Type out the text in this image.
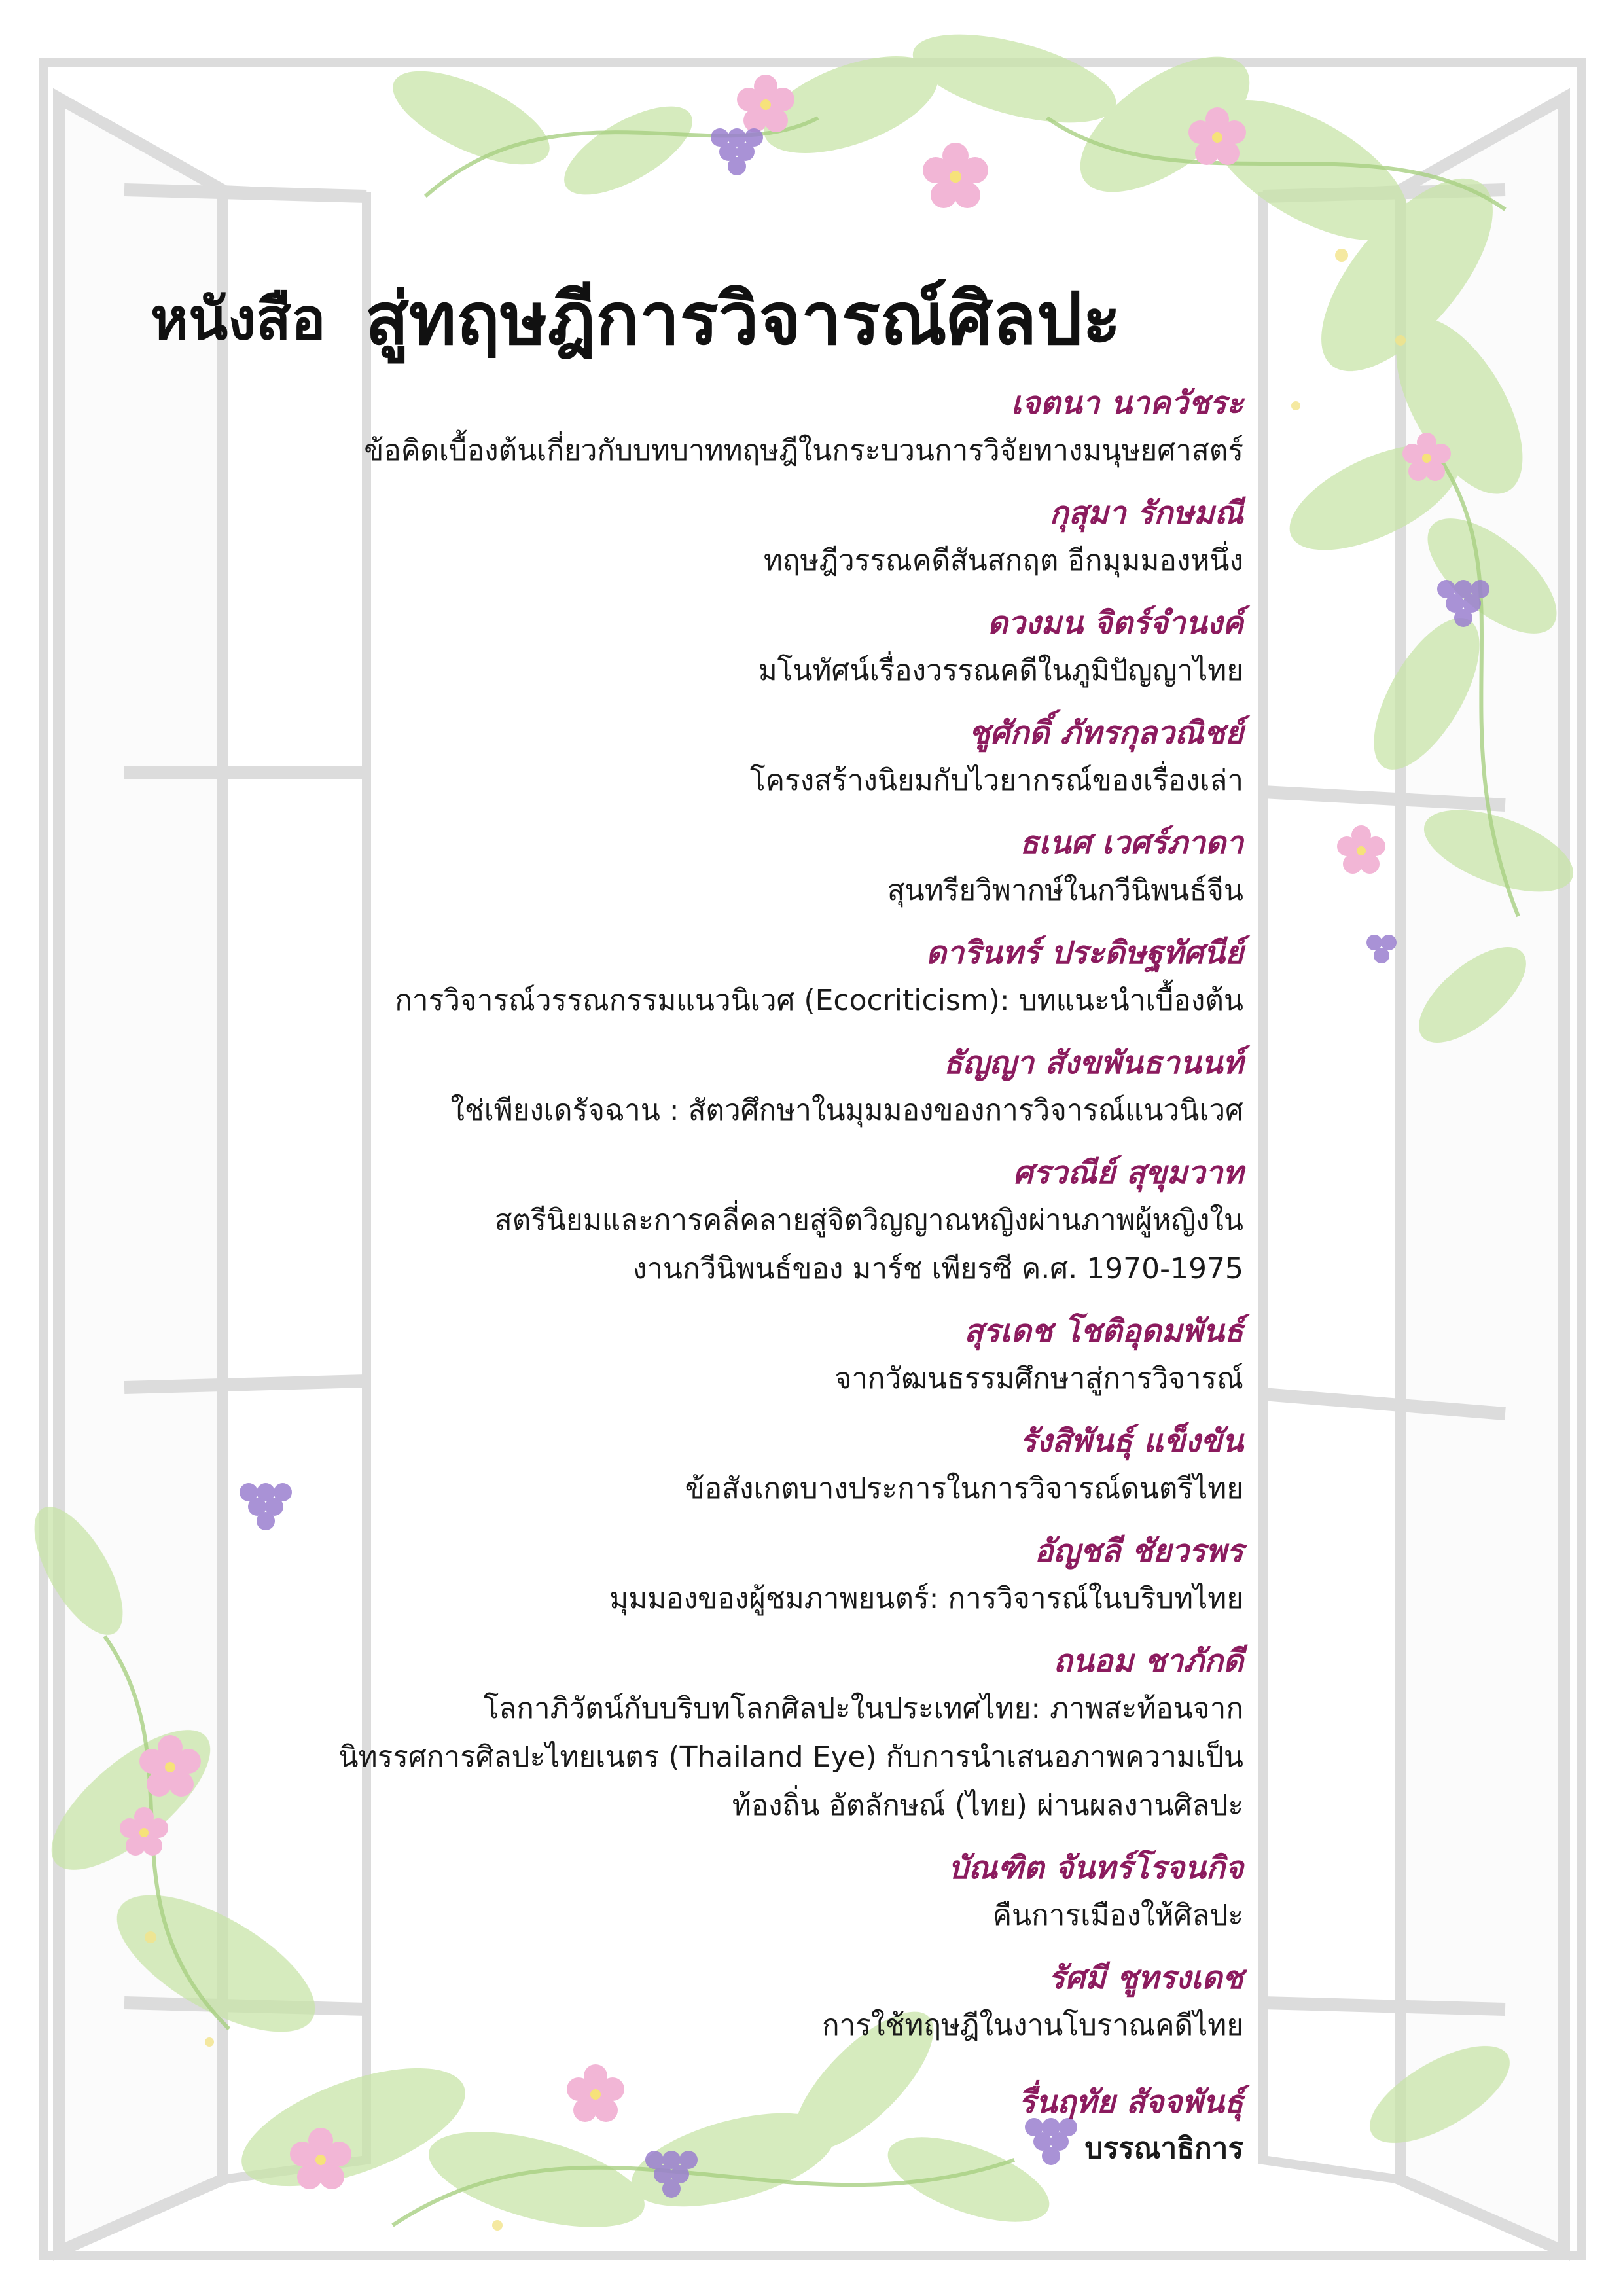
หนังสือ สู่ทฤษฎีการวิจารณ์ศิลปะ
เจตนา นาควัชระ
ข้อคิดเบื้องต้นเกี่ยวกับบทบาททฤษฎีในกระบวนการวิจัยทางมนุษยศาสตร์
กุสุมา รักษมณี
ทฤษฎีวรรณคดีสันสกฤต อีกมุมมองหนึ่ง
ดวงมน จิตร์จำนงค์
มโนทัศน์เรื่องวรรณคดีในภูมิปัญญาไทย
ชูศักดิ์ ภัทรกุลวณิชย์
โครงสร้างนิยมกับไวยากรณ์ของเรื่องเล่า
ธเนศ เวศร์ภาดา
สุนทรียวิพากษ์ในกวีนิพนธ์จีน
ดารินทร์ ประดิษฐทัศนีย์
การวิจารณ์วรรณกรรมแนวนิเวศ (Ecocriticism): บทแนะนำเบื้องต้น
ธัญญา สังขพันธานนท์
ใช่เพียงเดรัจฉาน : สัตวศึกษาในมุมมองของการวิจารณ์แนวนิเวศ
ศรวณีย์ สุขุมวาท
สตรีนิยมและการคลี่คลายสู่จิตวิญญาณหญิงผ่านภาพผู้หญิงใน
งานกวีนิพนธ์ของ มาร์ช เพียรซี ค.ศ. 1970-1975
สุรเดช โชติอุดมพันธ์
จากวัฒนธรรมศึกษาสู่การวิจารณ์
รังสิพันธุ์ แข็งขัน
ข้อสังเกตบางประการในการวิจารณ์ดนตรีไทย
อัญชลี ชัยวรพร
มุมมองของผู้ชมภาพยนตร์: การวิจารณ์ในบริบทไทย
ถนอม ชาภักดี
โลกาภิวัตน์กับบริบทโลกศิลปะในประเทศไทย: ภาพสะท้อนจาก
นิทรรศการศิลปะไทยเนตร (Thailand Eye) กับการนำเสนอภาพความเป็น
ท้องถิ่น อัตลักษณ์ (ไทย) ผ่านผลงานศิลปะ
บัณฑิต จันทร์โรจนกิจ
คืนการเมืองให้ศิลปะ
รัศมี ชูทรงเดช
การใช้ทฤษฎีในงานโบราณคดีไทย
รื่นฤทัย สัจจพันธุ์
บรรณาธิการ
